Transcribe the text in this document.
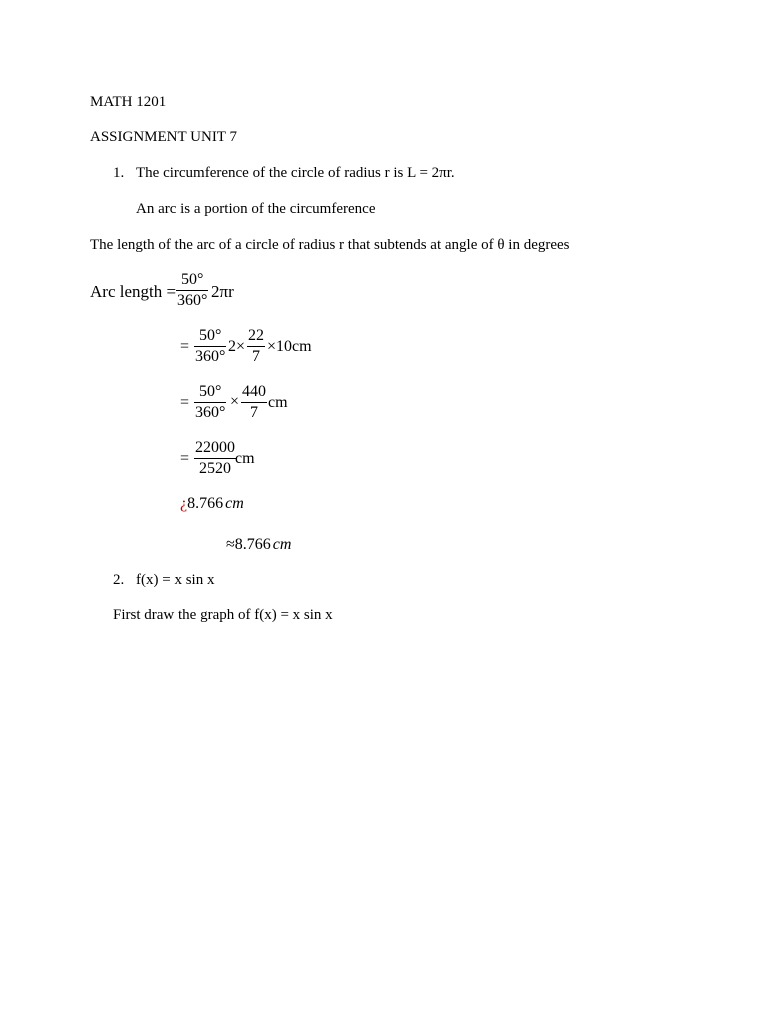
MATH 1201
ASSIGNMENT UNIT 7
1. The circumference of the circle of radius r is L = 2πr.
An arc is a portion of the circumference
The length of the arc of a circle of radius r that subtends at angle of θ in degrees
Arc length =
50°
360° 2πr
=
50°
360°
2×
22
7
×10cm
=
50°
360°
×
440
7
cm
=
22000
2520
cm
¿8.766 cm
≈8.766 cm
2. f(x) = x sin x
First draw the graph of f(x) = x sin x
